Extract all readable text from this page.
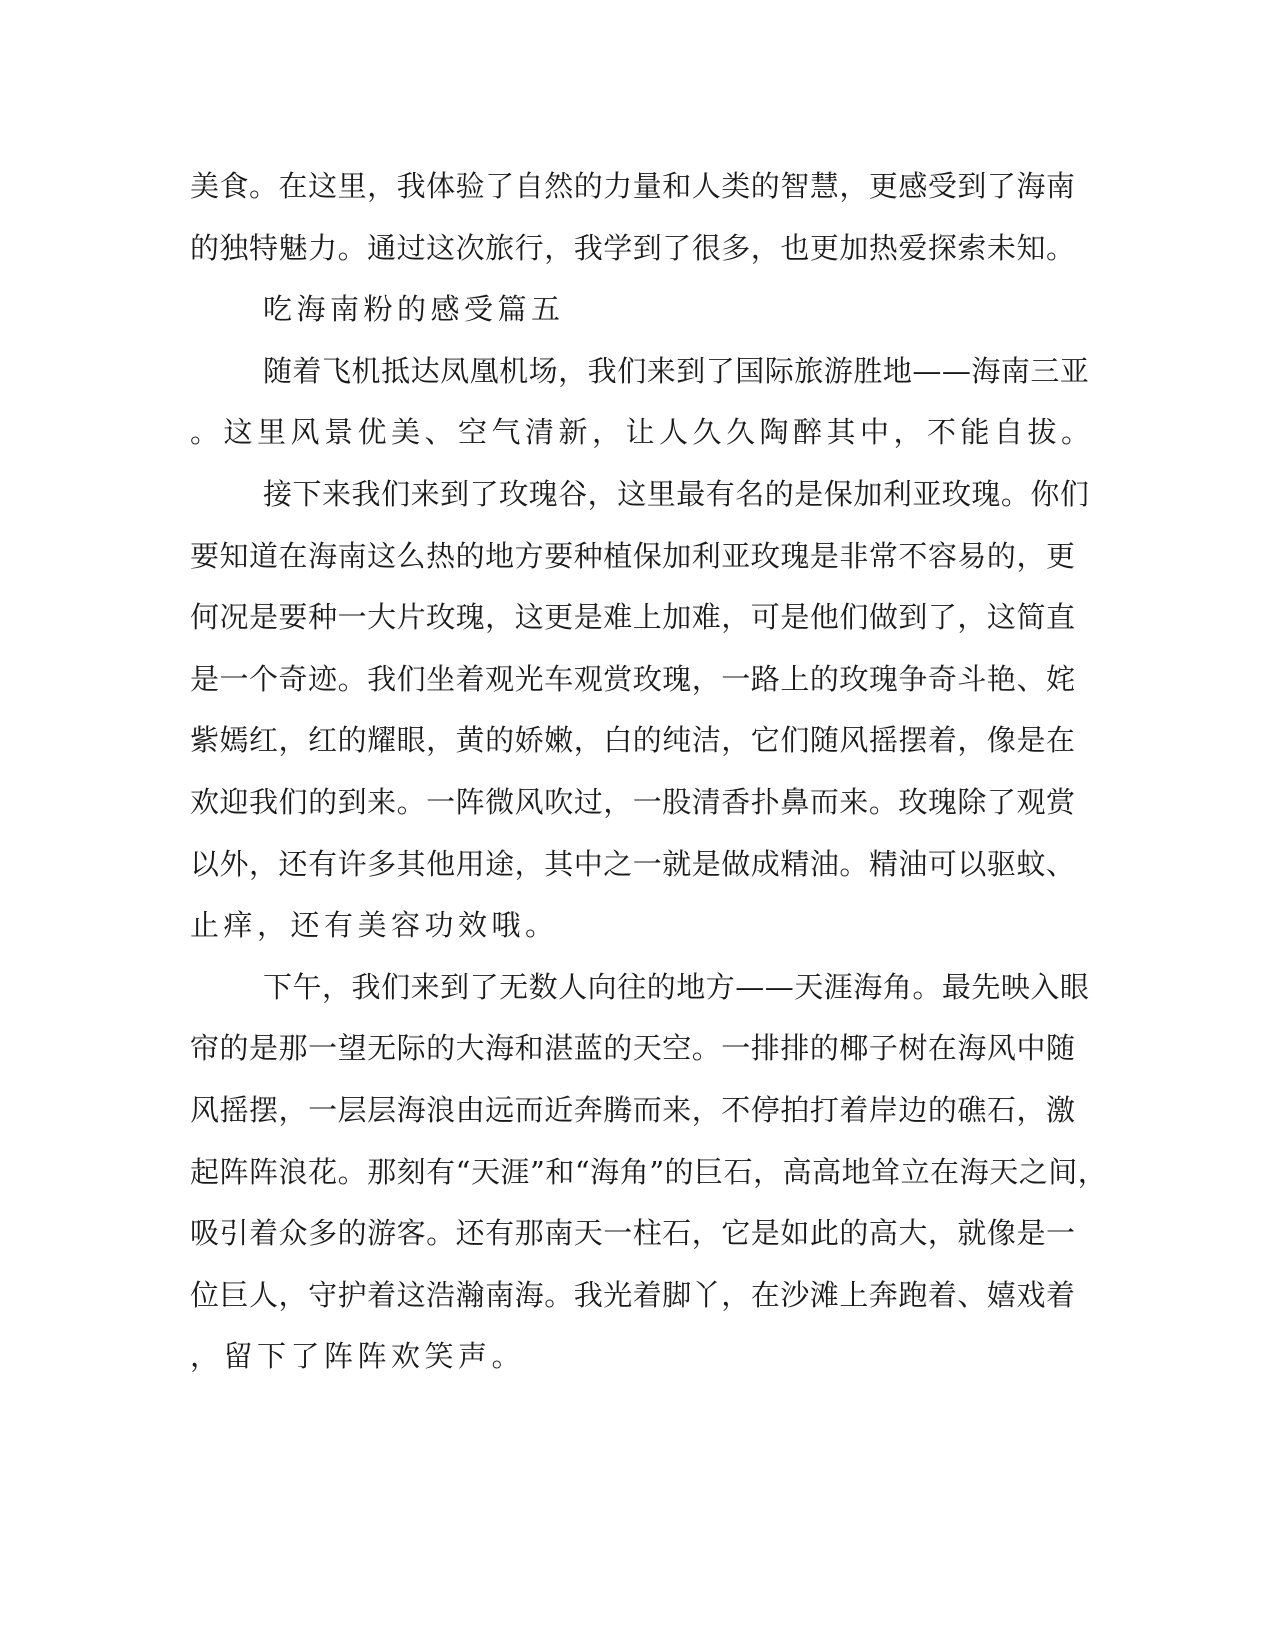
美 食 。 在 这 里 ， 我 体 验 了 自 然 的 力 量 和 人 类 的 智 慧 ， 更 感 受 到 了 海 南
的 独 特 魅 力 。 通 过 这 次 旅 行 ， 我 学 到 了 很 多 ， 也 更 加 热 爱 探 索 未 知 。
吃海南粉的感受篇五
随 着 飞 机 抵 达 凤 凰 机 场 ， 我 们 来 到 了 国 际 旅 游 胜 地 — — 海 南 三 亚
。这里风景优美、空气清新，让人久久陶醉其中，不能自拔。
接 下 来 我 们 来 到 了 玫 瑰 谷 ， 这 里 最 有 名 的 是 保 加 利 亚 玫 瑰 。 你 们
要 知 道 在 海 南 这 么 热 的 地 方 要 种 植 保 加 利 亚 玫 瑰 是 非 常 不 容 易 的 ， 更
何 况 是 要 种 一 大 片 玫 瑰 ， 这 更 是 难 上 加 难 ， 可 是 他 们 做 到 了 ， 这 简 直
是 一 个 奇 迹 。 我 们 坐 着 观 光 车 观 赏 玫 瑰 ， 一 路 上 的 玫 瑰 争 奇 斗 艳 、 姹
紫 嫣 红 ， 红 的 耀 眼 ， 黄 的 娇 嫩 ， 白 的 纯 洁 ， 它 们 随 风 摇 摆 着 ， 像 是 在
欢 迎 我 们 的 到 来 。 一 阵 微 风 吹 过 ， 一 股 清 香 扑 鼻 而 来 。 玫 瑰 除 了 观 赏
以 外 ， 还 有 许 多 其 他 用 途 ， 其 中 之 一 就 是 做 成 精 油 。 精 油 可 以 驱 蚊 、
止痒，还有美容功效哦。
下 午 ， 我 们 来 到 了 无 数 人 向 往 的 地 方 — — 天 涯 海 角 。 最 先 映 入 眼
帘 的 是 那 一 望 无 际 的 大 海 和 湛 蓝 的 天 空 。 一 排 排 的 椰 子 树 在 海 风 中 随
风 摇 摆 ， 一 层 层 海 浪 由 远 而 近 奔 腾 而 来 ， 不 停 拍 打 着 岸 边 的 礁 石 ， 激
起 阵 阵 浪 花 。 那 刻 有 “ 天 涯 ” 和 “ 海 角 ” 的 巨 石 ， 高 高 地 耸 立 在 海 天 之 间 ，
吸 引 着 众 多 的 游 客 。 还 有 那 南 天 一 柱 石 ， 它 是 如 此 的 高 大 ， 就 像 是 一
位 巨 人 ， 守 护 着 这 浩 瀚 南 海 。 我 光 着 脚 丫 ， 在 沙 滩 上 奔 跑 着 、 嬉 戏 着
，留下了阵阵欢笑声。
